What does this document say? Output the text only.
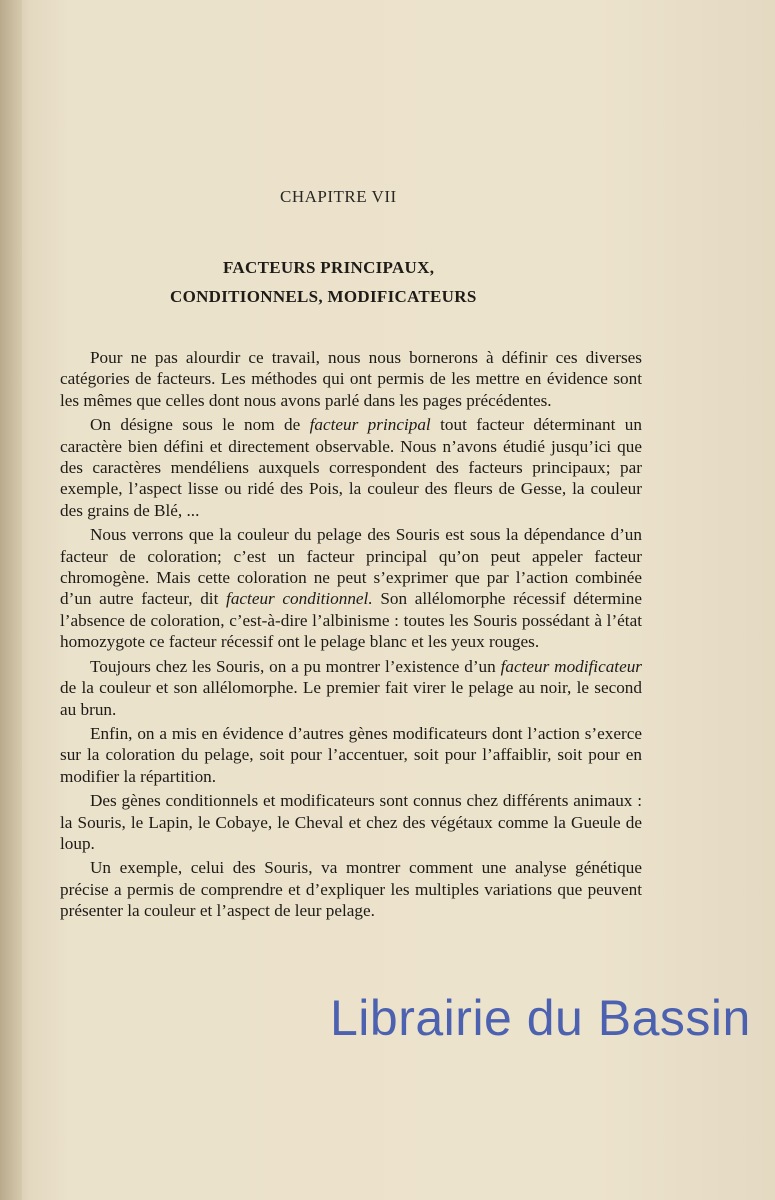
CHAPITRE VII
FACTEURS PRINCIPAUX,
CONDITIONNELS, MODIFICATEURS

Pour ne pas alourdir ce travail, nous nous bornerons à définir ces diverses catégories de facteurs. Les méthodes qui ont permis de les mettre en évidence sont les mêmes que celles dont nous avons parlé dans les pages précédentes.

On désigne sous le nom de facteur principal tout facteur déterminant un caractère bien défini et directement observable. Nous n’avons étudié jusqu’ici que des caractères mendéliens auxquels correspondent des facteurs principaux; par exemple, l’aspect lisse ou ridé des Pois, la couleur des fleurs de Gesse, la couleur des grains de Blé, ...

Nous verrons que la couleur du pelage des Souris est sous la dépendance d’un facteur de coloration; c’est un facteur principal qu’on peut appeler facteur chromogène. Mais cette coloration ne peut s’exprimer que par l’action combinée d’un autre facteur, dit facteur conditionnel. Son allélomorphe récessif détermine l’absence de coloration, c’est-à-dire l’albinisme : toutes les Souris possédant à l’état homozygote ce facteur récessif ont le pelage blanc et les yeux rouges.

Toujours chez les Souris, on a pu montrer l’existence d’un facteur modificateur de la couleur et son allélomorphe. Le premier fait virer le pelage au noir, le second au brun.

Enfin, on a mis en évidence d’autres gènes modificateurs dont l’action s’exerce sur la coloration du pelage, soit pour l’accentuer, soit pour l’affaiblir, soit pour en modifier la répartition.

Des gènes conditionnels et modificateurs sont connus chez différents animaux : la Souris, le Lapin, le Cobaye, le Cheval et chez des végétaux comme la Gueule de loup.

Un exemple, celui des Souris, va montrer comment une analyse génétique précise a permis de comprendre et d’expliquer les multiples variations que peuvent présenter la couleur et l’aspect de leur pelage.

Librairie du Bassin
